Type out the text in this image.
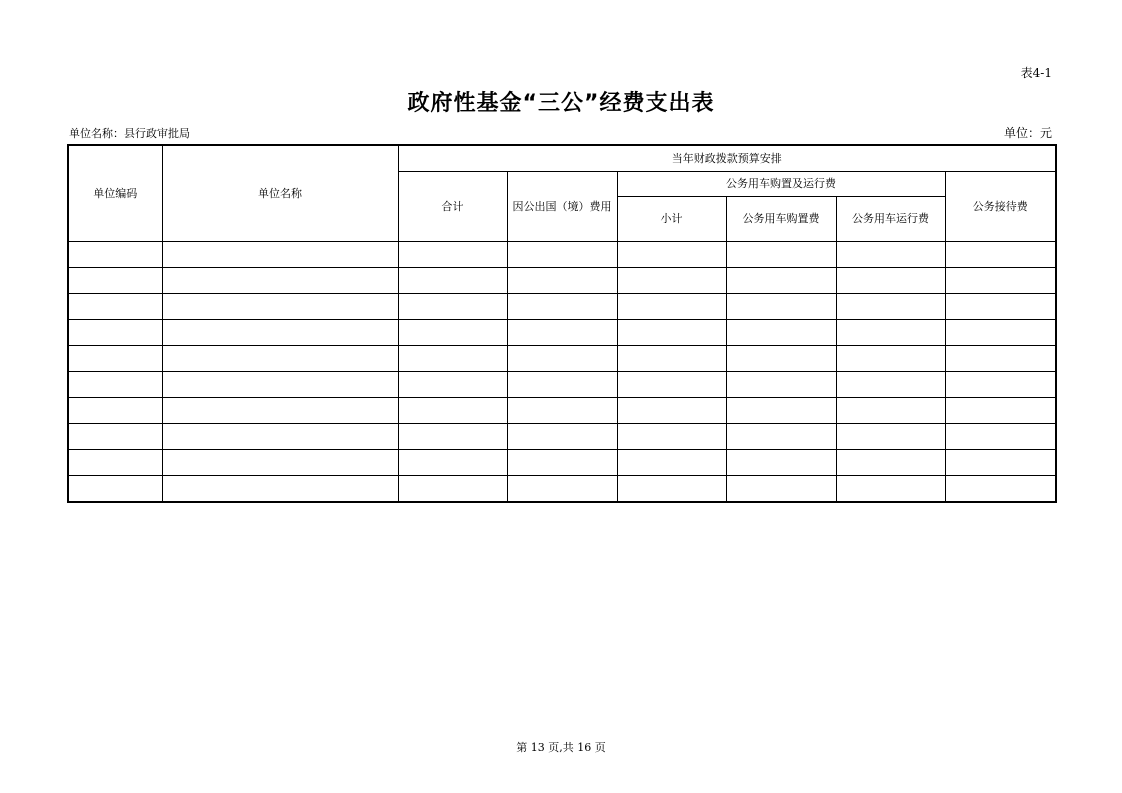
表4-1
政府性基金“三公”经费支出表
单位名称：县行政审批局	单位：元
单位编码	单位名称	当年财政拨款预算安排					
		合计	因公出国（境）费用	公务用车购置及运行费			公务接待费
				小计	公务用车购置费	公务用车运行费	

第 13 页,共 16 页
